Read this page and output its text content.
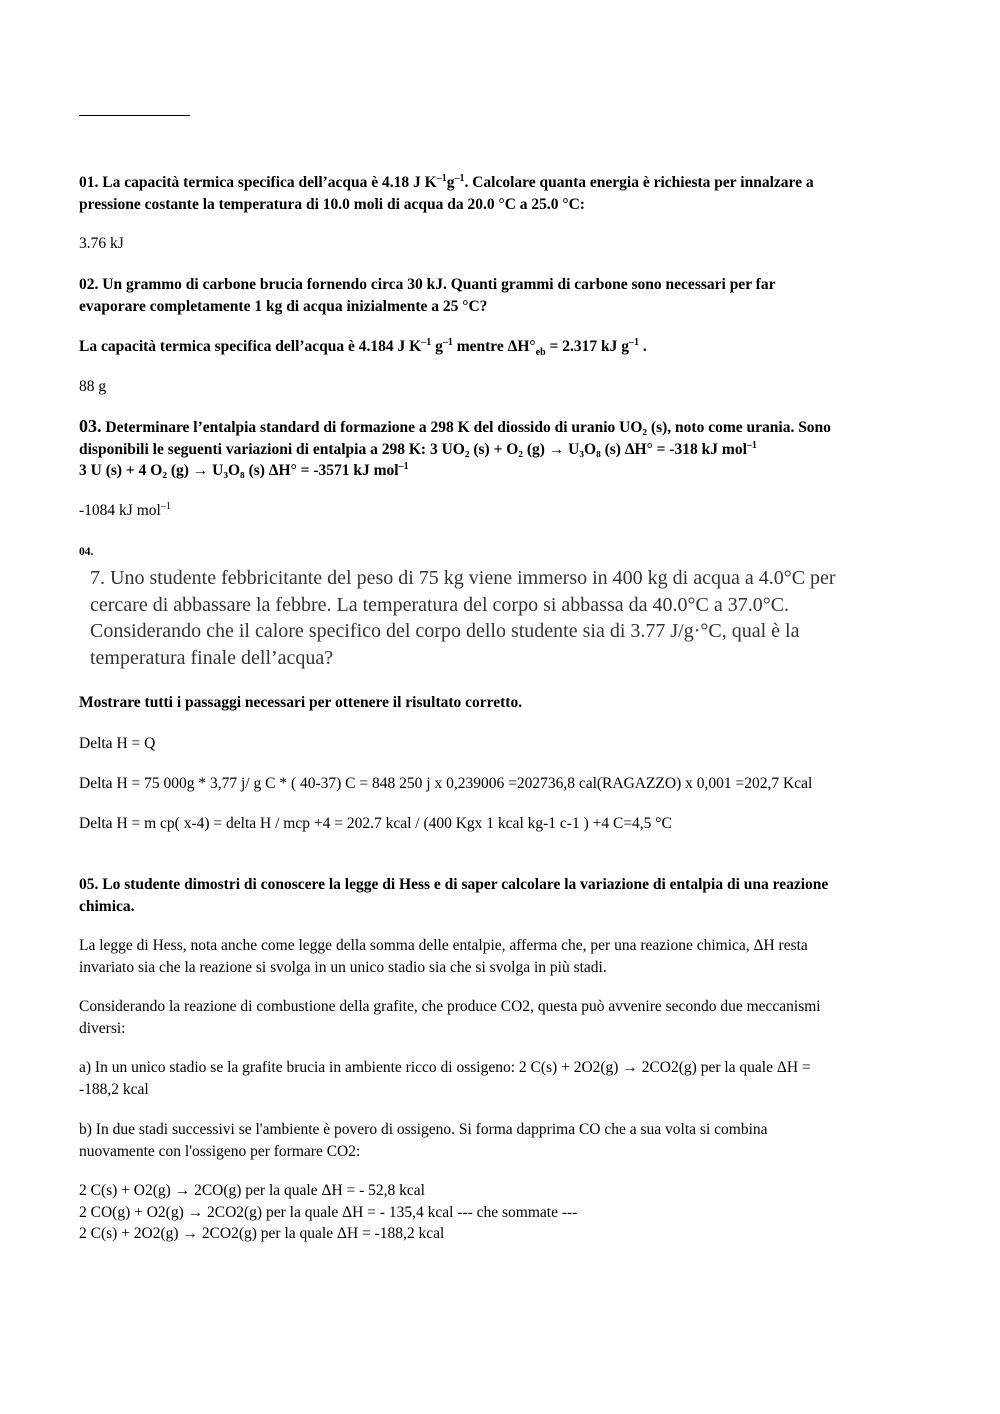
01. La capacità termica specifica dell’acqua è 4.18 J $K^{-1}g^{-1}$. Calcolare quanta energia è richiesta per innalzare a
pressione costante la temperatura di 10.0 moli di acqua da 20.0 °C a 25.0 °C:
3.76 kJ
02. Un grammo di carbone brucia fornendo circa 30 kJ. Quanti grammi di carbone sono necessari per far
evaporare completamente 1 kg di acqua inizialmente a 25 °C?
La capacità termica specifica dell’acqua è 4.184 J $K^{-1}$ $g^{-1}$ mentre $\Delta H^\circ_{eb} = 2.317$ kJ $g^{-1}$ .
88 g
03. Determinare l’entalpia standard di formazione a 298 K del diossido di uranio UO₂ (s), noto come urania. Sono
disponibili le seguenti variazioni di entalpia a 298 K: 3 UO₂ (s) + O₂ (g) → U₃O₈ (s) ΔH° = -318 kJ mol$^{-1}$
3 U (s) + 4 O₂ (g) → U₃O₈ (s) ΔH° = -3571 kJ mol$^{-1}$
-1084 kJ mol$^{-1}$
04.
7. Uno studente febbricitante del peso di 75 kg viene immerso in 400 kg di acqua a 4.0°C per
cercare di abbassare la febbre. La temperatura del corpo si abbassa da 40.0°C a 37.0°C.
Considerando che il calore specifico del corpo dello studente sia di 3.77 J/g·°C, qual è la
temperatura finale dell’acqua?
Mostrare tutti i passaggi necessari per ottenere il risultato corretto.
Delta H = Q
Delta H = 75 000g * 3,77 j/ g C * ( 40-37) C = 848 250 j x 0,239006 =202736,8 cal(RAGAZZO) x 0,001 =202,7 Kcal
Delta H = m cp( x-4) = delta H / mcp +4 = 202.7 kcal / (400 Kgx 1 kcal kg-1 c-1 ) +4 C=4,5 °C
05. Lo studente dimostri di conoscere la legge di Hess e di saper calcolare la variazione di entalpia di una reazione
chimica.
La legge di Hess, nota anche come legge della somma delle entalpie, afferma che, per una reazione chimica, ΔH resta
invariato sia che la reazione si svolga in un unico stadio sia che si svolga in più stadi.
Considerando la reazione di combustione della grafite, che produce CO2, questa può avvenire secondo due meccanismi
diversi:
a) In un unico stadio se la grafite brucia in ambiente ricco di ossigeno: 2 C(s) + 2O2(g) → 2CO2(g) per la quale ΔH =
-188,2 kcal
b) In due stadi successivi se l'ambiente è povero di ossigeno. Si forma dapprima CO che a sua volta si combina
nuovamente con l'ossigeno per formare CO2:
2 C(s) + O2(g) → 2CO(g) per la quale ΔH = - 52,8 kcal
2 CO(g) + O2(g) → 2CO2(g) per la quale ΔH = - 135,4 kcal --- che sommate ---
2 C(s) + 2O2(g) → 2CO2(g) per la quale ΔH = -188,2 kcal
